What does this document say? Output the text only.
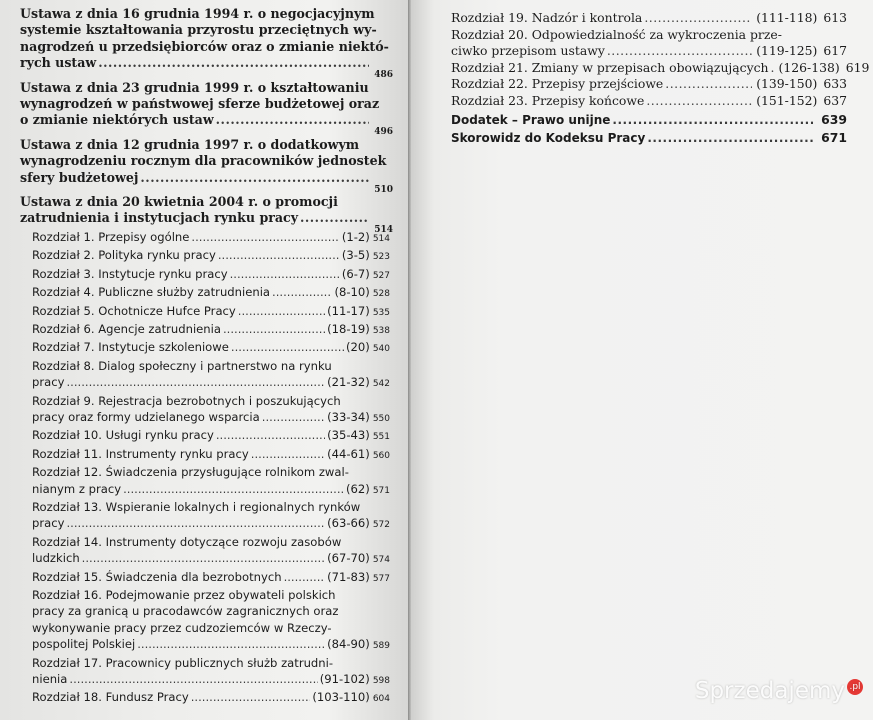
Ustawa z dnia 16 grudnia 1994 r. o negocjacyjnym
systemie kształtowania przyrostu przeciętnych wy-
nagrodzeń u przedsiębiorców oraz o zmianie niektó-
rych ustaw
.....
486
Ustawa z dnia 23 grudnia 1999 r. o kształtowaniu
wynagrodzeń w państwowej sferze budżetowej oraz
o zmianie niektórych ustaw
.....
496
Ustawa z dnia 12 grudnia 1997 r. o dodatkowym
wynagrodzeniu rocznym dla pracowników jednostek
sfery budżetowej
.....
510
Ustawa z dnia 20 kwietnia 2004 r. o promocji
zatrudnienia i instytucjach rynku pracy
.....
514
Rozdział 1. Przepisy ogólne .....	(1-2) 514
Rozdział 2. Polityka rynku pracy .....	(3-5) 523
Rozdział 3. Instytucje rynku pracy .....	(6-7) 527
Rozdział 4. Publiczne służby zatrudnienia .....	(8-10) 528
Rozdział 5. Ochotnicze Hufce Pracy .....	(11-17) 535
Rozdział 6. Agencje zatrudnienia .....	(18-19) 538
Rozdział 7. Instytucje szkoleniowe .....	(20) 540
Rozdział 8. Dialog społeczny i partnerstwo na rynku
pracy .....	(21-32) 542
Rozdział 9. Rejestracja bezrobotnych i poszukujących
pracy oraz formy udzielanego wsparcia .....	(33-34) 550
Rozdział 10. Usługi rynku pracy .....	(35-43) 551
Rozdział 11. Instrumenty rynku pracy .....	(44-61) 560
Rozdział 12. Świadczenia przysługujące rolnikom zwal-
nianym z pracy .....	(62) 571
Rozdział 13. Wspieranie lokalnych i regionalnych rynków
pracy .....	(63-66) 572
Rozdział 14. Instrumenty dotyczące rozwoju zasobów
ludzkich .....	(67-70) 574
Rozdział 15. Świadczenia dla bezrobotnych .....	(71-83) 577
Rozdział 16. Podejmowanie przez obywateli polskich
pracy za granicą u pracodawców zagranicznych oraz
wykonywanie pracy przez cudzoziemców w Rzeczy-
pospolitej Polskiej .....	(84-90) 589
Rozdział 17. Pracownicy publicznych służb zatrudni-
nienia .....	(91-102) 598
Rozdział 18. Fundusz Pracy .....	(103-110) 604
Rozdział 19. Nadzór i kontrola .....	(111-118) 613
Rozdział 20. Odpowiedzialność za wykroczenia prze-
ciwko przepisom ustawy .....	(119-125) 617
Rozdział 21. Zmiany w przepisach obowiązujących ..... (126-138) 619
Rozdział 22. Przepisy przejściowe .....	(139-150) 633
Rozdział 23. Przepisy końcowe .....	(151-152) 637
Dodatek – Prawo unijne .....	639
Skorowidz do Kodeksu Pracy .....	671
Sprzedajemy .pl
